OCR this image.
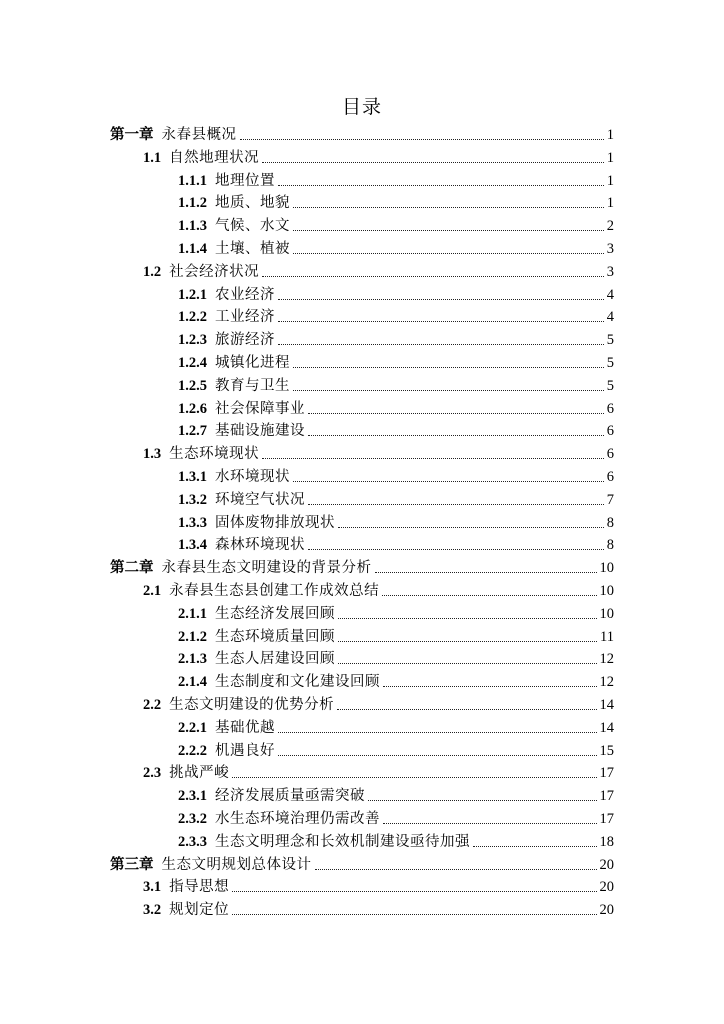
目录
第一章 永春县概况	1
1.1 自然地理状况	1
1.1.1 地理位置	1
1.1.2 地质、地貌	1
1.1.3 气候、水文	2
1.1.4 土壤、植被	3
1.2 社会经济状况	3
1.2.1 农业经济	4
1.2.2 工业经济	4
1.2.3 旅游经济	5
1.2.4 城镇化进程	5
1.2.5 教育与卫生	5
1.2.6 社会保障事业	6
1.2.7 基础设施建设	6
1.3 生态环境现状	6
1.3.1 水环境现状	6
1.3.2 环境空气状况	7
1.3.3 固体废物排放现状	8
1.3.4 森林环境现状	8
第二章 永春县生态文明建设的背景分析	10
2.1 永春县生态县创建工作成效总结	10
2.1.1 生态经济发展回顾	10
2.1.2 生态环境质量回顾	11
2.1.3 生态人居建设回顾	12
2.1.4 生态制度和文化建设回顾	12
2.2 生态文明建设的优势分析	14
2.2.1 基础优越	14
2.2.2 机遇良好	15
2.3 挑战严峻	17
2.3.1 经济发展质量亟需突破	17
2.3.2 水生态环境治理仍需改善	17
2.3.3 生态文明理念和长效机制建设亟待加强	18
第三章 生态文明规划总体设计	20
3.1 指导思想	20
3.2 规划定位	20
